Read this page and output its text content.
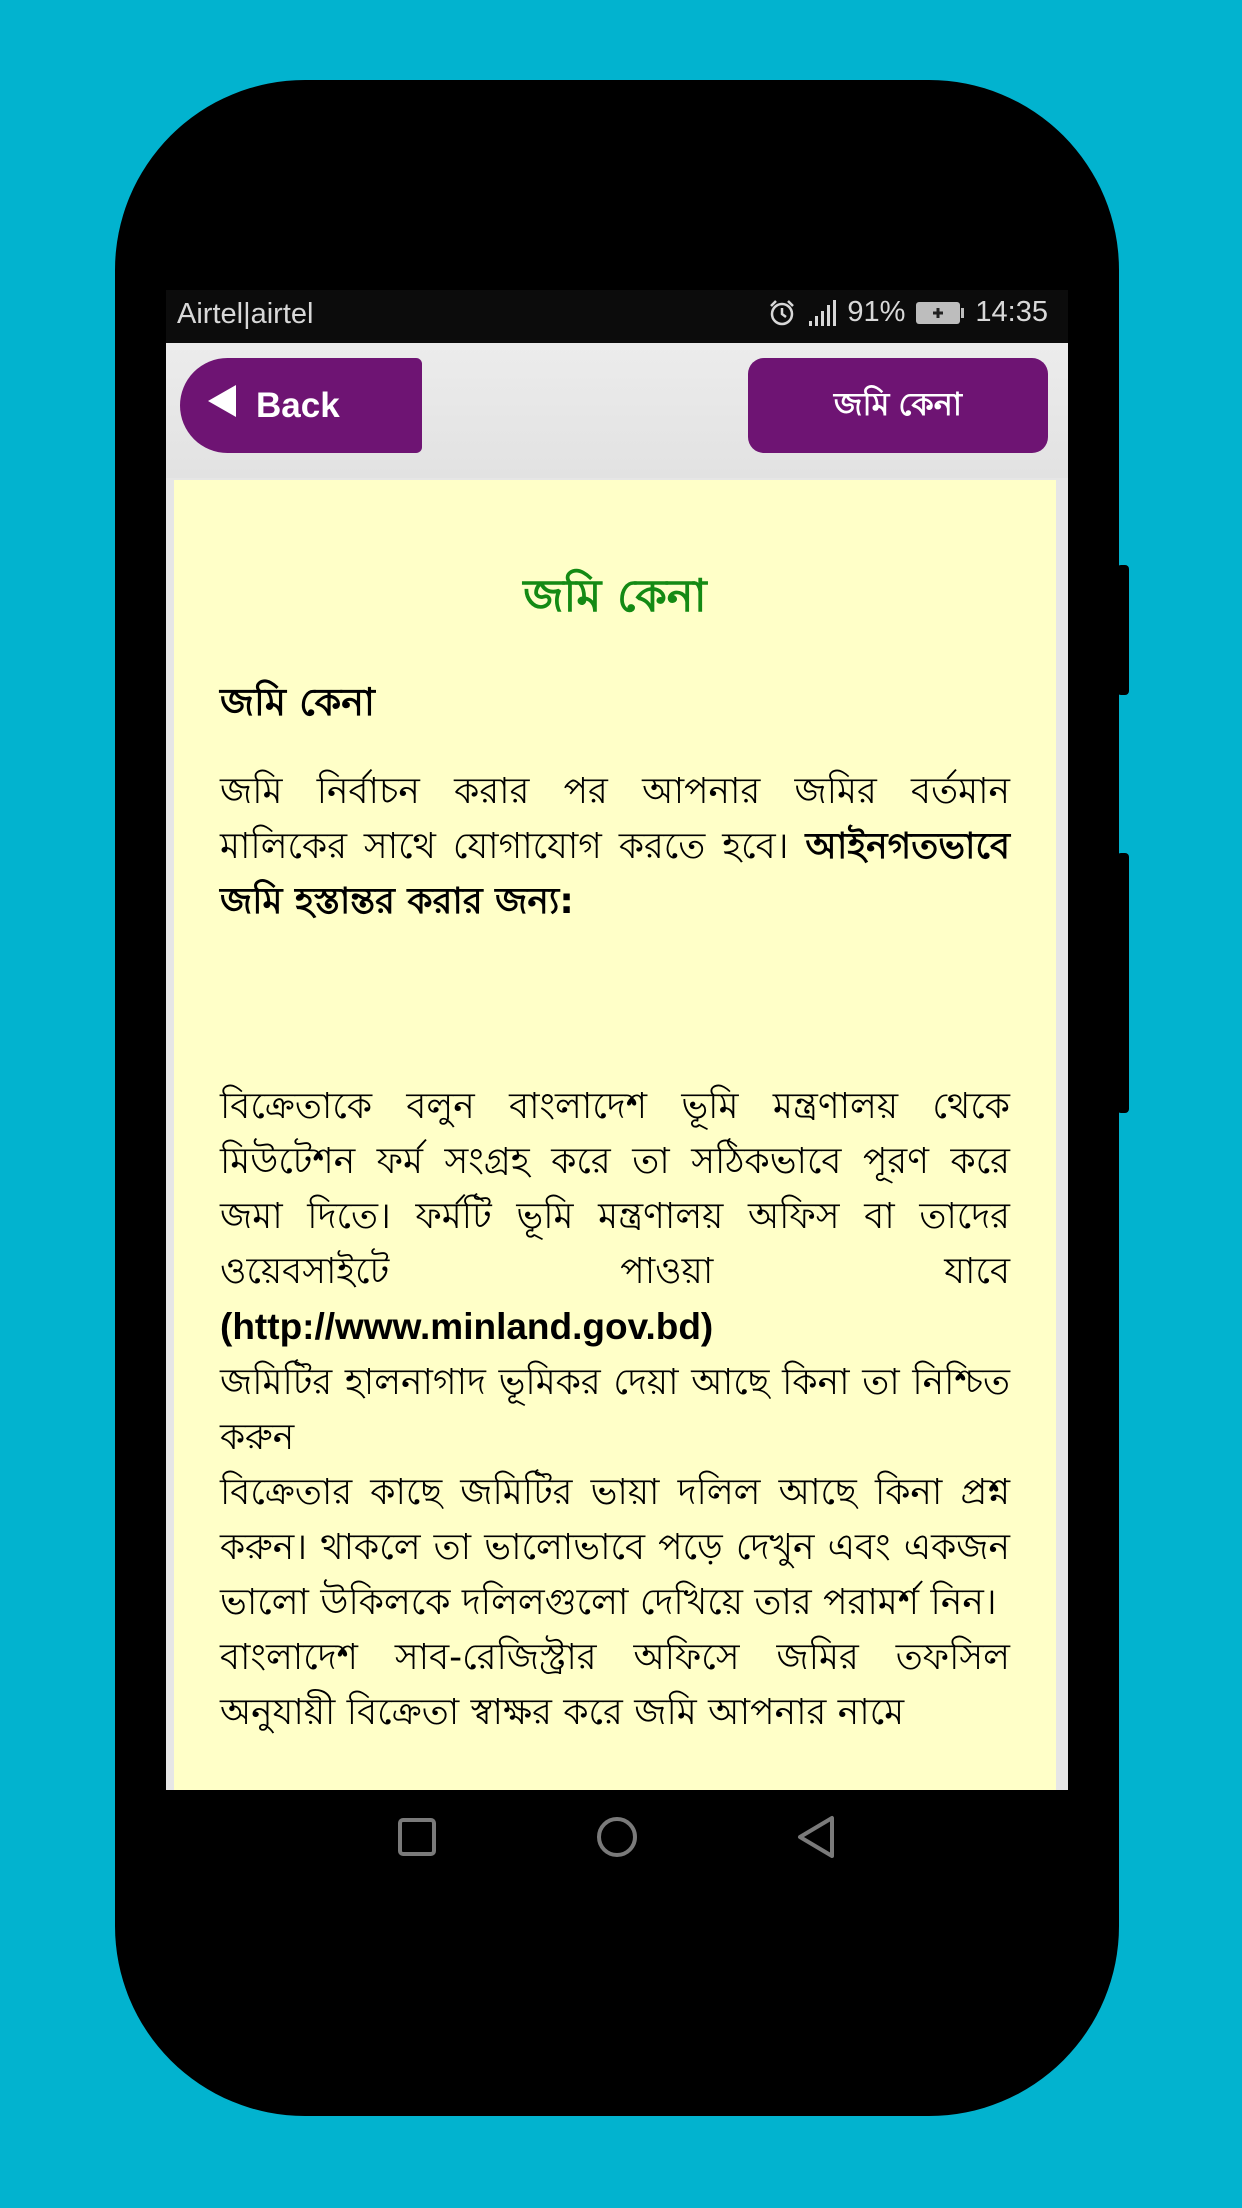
Airtel|airtel	91% 14:35
Back	জমি কেনা
জমি কেনা
জমি কেনা
জমি নির্বাচন করার পর আপনার জমির বর্তমান মালিকের সাথে যোগাযোগ করতে হবে। আইনগতভাবে জমি হস্তান্তর করার জন্য:
বিক্রেতাকে বলুন বাংলাদেশ ভূমি মন্ত্রণালয় থেকে মিউটেশন ফর্ম সংগ্রহ করে তা সঠিকভাবে পূরণ করে জমা দিতে। ফর্মটি ভূমি মন্ত্রণালয় অফিস বা তাদের ওয়েবসাইটে পাওয়া যাবে (http://www.minland.gov.bd)
জমিটির হালনাগাদ ভূমিকর দেয়া আছে কিনা তা নিশ্চিত করুন
বিক্রেতার কাছে জমিটির ভায়া দলিল আছে কিনা প্রশ্ন করুন। থাকলে তা ভালোভাবে পড়ে দেখুন এবং একজন ভালো উকিলকে দলিলগুলো দেখিয়ে তার পরামর্শ নিন।
বাংলাদেশ সাব-রেজিস্ট্রার অফিসে জমির তফসিল অনুযায়ী বিক্রেতা স্বাক্ষর করে জমি আপনার নামে
